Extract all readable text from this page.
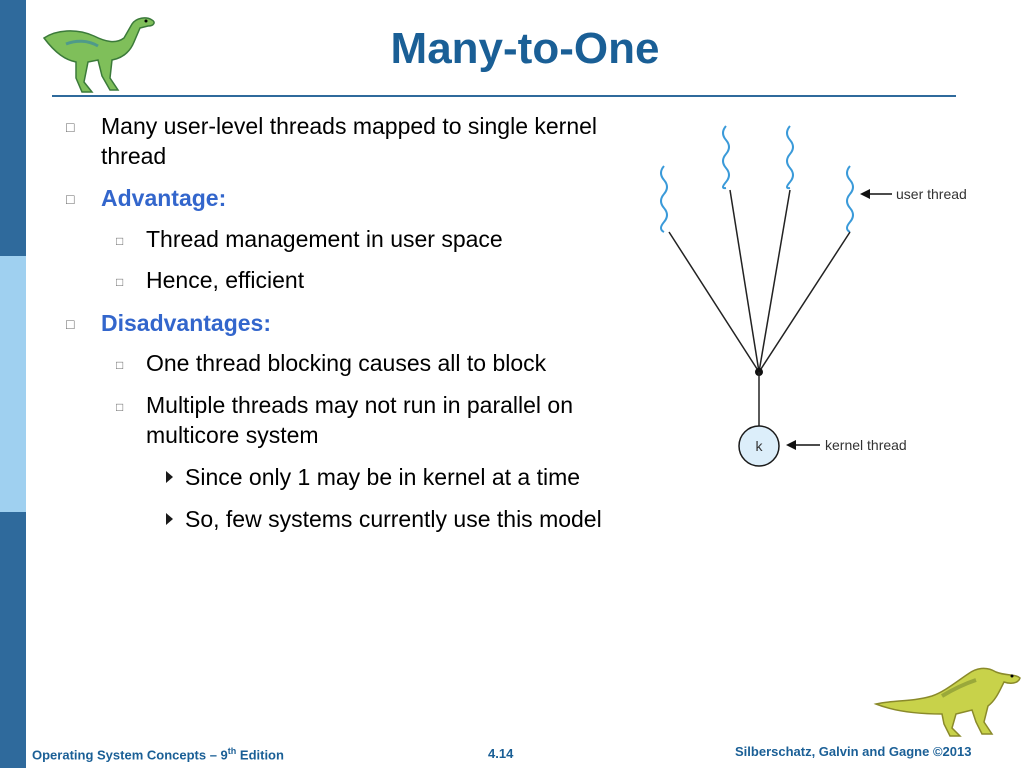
Many-to-One
□ Many user-level threads mapped to single kernel
thread
□ Advantage:
□ Thread management in user space
□ Hence, efficient
□ Disadvantages:
□ One thread blocking causes all to block
□ Multiple threads may not run in parallel on
multicore system
Since only 1 may be in kernel at a time
So, few systems currently use this model
k
user thread
kernel thread
Operating System Concepts – 9th Edition	4.14	Silberschatz, Galvin and Gagne ©2013
